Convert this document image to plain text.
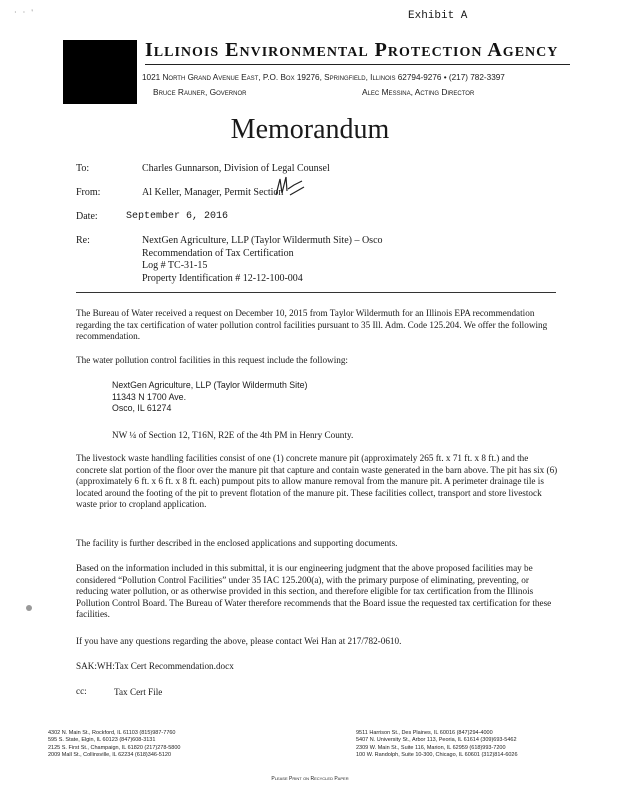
· · '	Exhibit A
Illinois Environmental Protection Agency
1021 North Grand Avenue East, P.O. Box 19276, Springfield, Illinois 62794-9276 • (217) 782-3397
Bruce Rauner, Governor	Alec Messina, Acting Director
Memorandum
To:	Charles Gunnarson, Division of Legal Counsel
From:	Al Keller, Manager, Permit Section
Date:	September 6, 2016
Re:	NextGen Agriculture, LLP (Taylor Wildermuth Site) – Osco
Recommendation of Tax Certification
Log # TC-31-15
Property Identification # 12-12-100-004
The Bureau of Water received a request on December 10, 2015 from Taylor Wildermuth for an Illinois EPA recommendation regarding the tax certification of water pollution control facilities pursuant to 35 Ill. Adm. Code 125.204. We offer the following recommendation.
The water pollution control facilities in this request include the following:
NextGen Agriculture, LLP (Taylor Wildermuth Site)
11343 N 1700 Ave.
Osco, IL 61274
NW ¼ of Section 12, T16N, R2E of the 4th PM in Henry County.
The livestock waste handling facilities consist of one (1) concrete manure pit (approximately 265 ft. x 71 ft. x 8 ft.) and the concrete slat portion of the floor over the manure pit that capture and contain waste generated in the barn above. The pit has six (6) (approximately 6 ft. x 6 ft. x 8 ft. each) pumpout pits to allow manure removal from the manure pit. A perimeter drainage tile is located around the footing of the pit to prevent flotation of the manure pit. These facilities collect, transport and store livestock waste prior to cropland application.
The facility is further described in the enclosed applications and supporting documents.
Based on the information included in this submittal, it is our engineering judgment that the above proposed facilities may be considered “Pollution Control Facilities” under 35 IAC 125.200(a), with the primary purpose of eliminating, preventing, or reducing water pollution, or as otherwise provided in this section, and therefore eligible for tax certification from the Illinois Pollution Control Board. The Bureau of Water therefore recommends that the Board issue the requested tax certification for these facilities.
If you have any questions regarding the above, please contact Wei Han at 217/782-0610.
SAK:WH:Tax Cert Recommendation.docx
cc:	Tax Cert File
4302 N. Main St., Rockford, IL 61103 (815)987-7760
595 S. State, Elgin, IL 60123 (847)608-3131
2125 S. First St., Champaign, IL 61820 (217)278-5800
2009 Mall St., Collinsville, IL 62234 (618)346-5120
9511 Harrison St., Des Plaines, IL 60016 (847)294-4000
5407 N. University St., Arbor 113, Peoria, IL 61614 (309)693-5462
2309 W. Main St., Suite 116, Marion, IL 62959 (618)993-7200
100 W. Randolph, Suite 10-300, Chicago, IL 60601 (312)814-6026
Please Print on Recycled Paper
